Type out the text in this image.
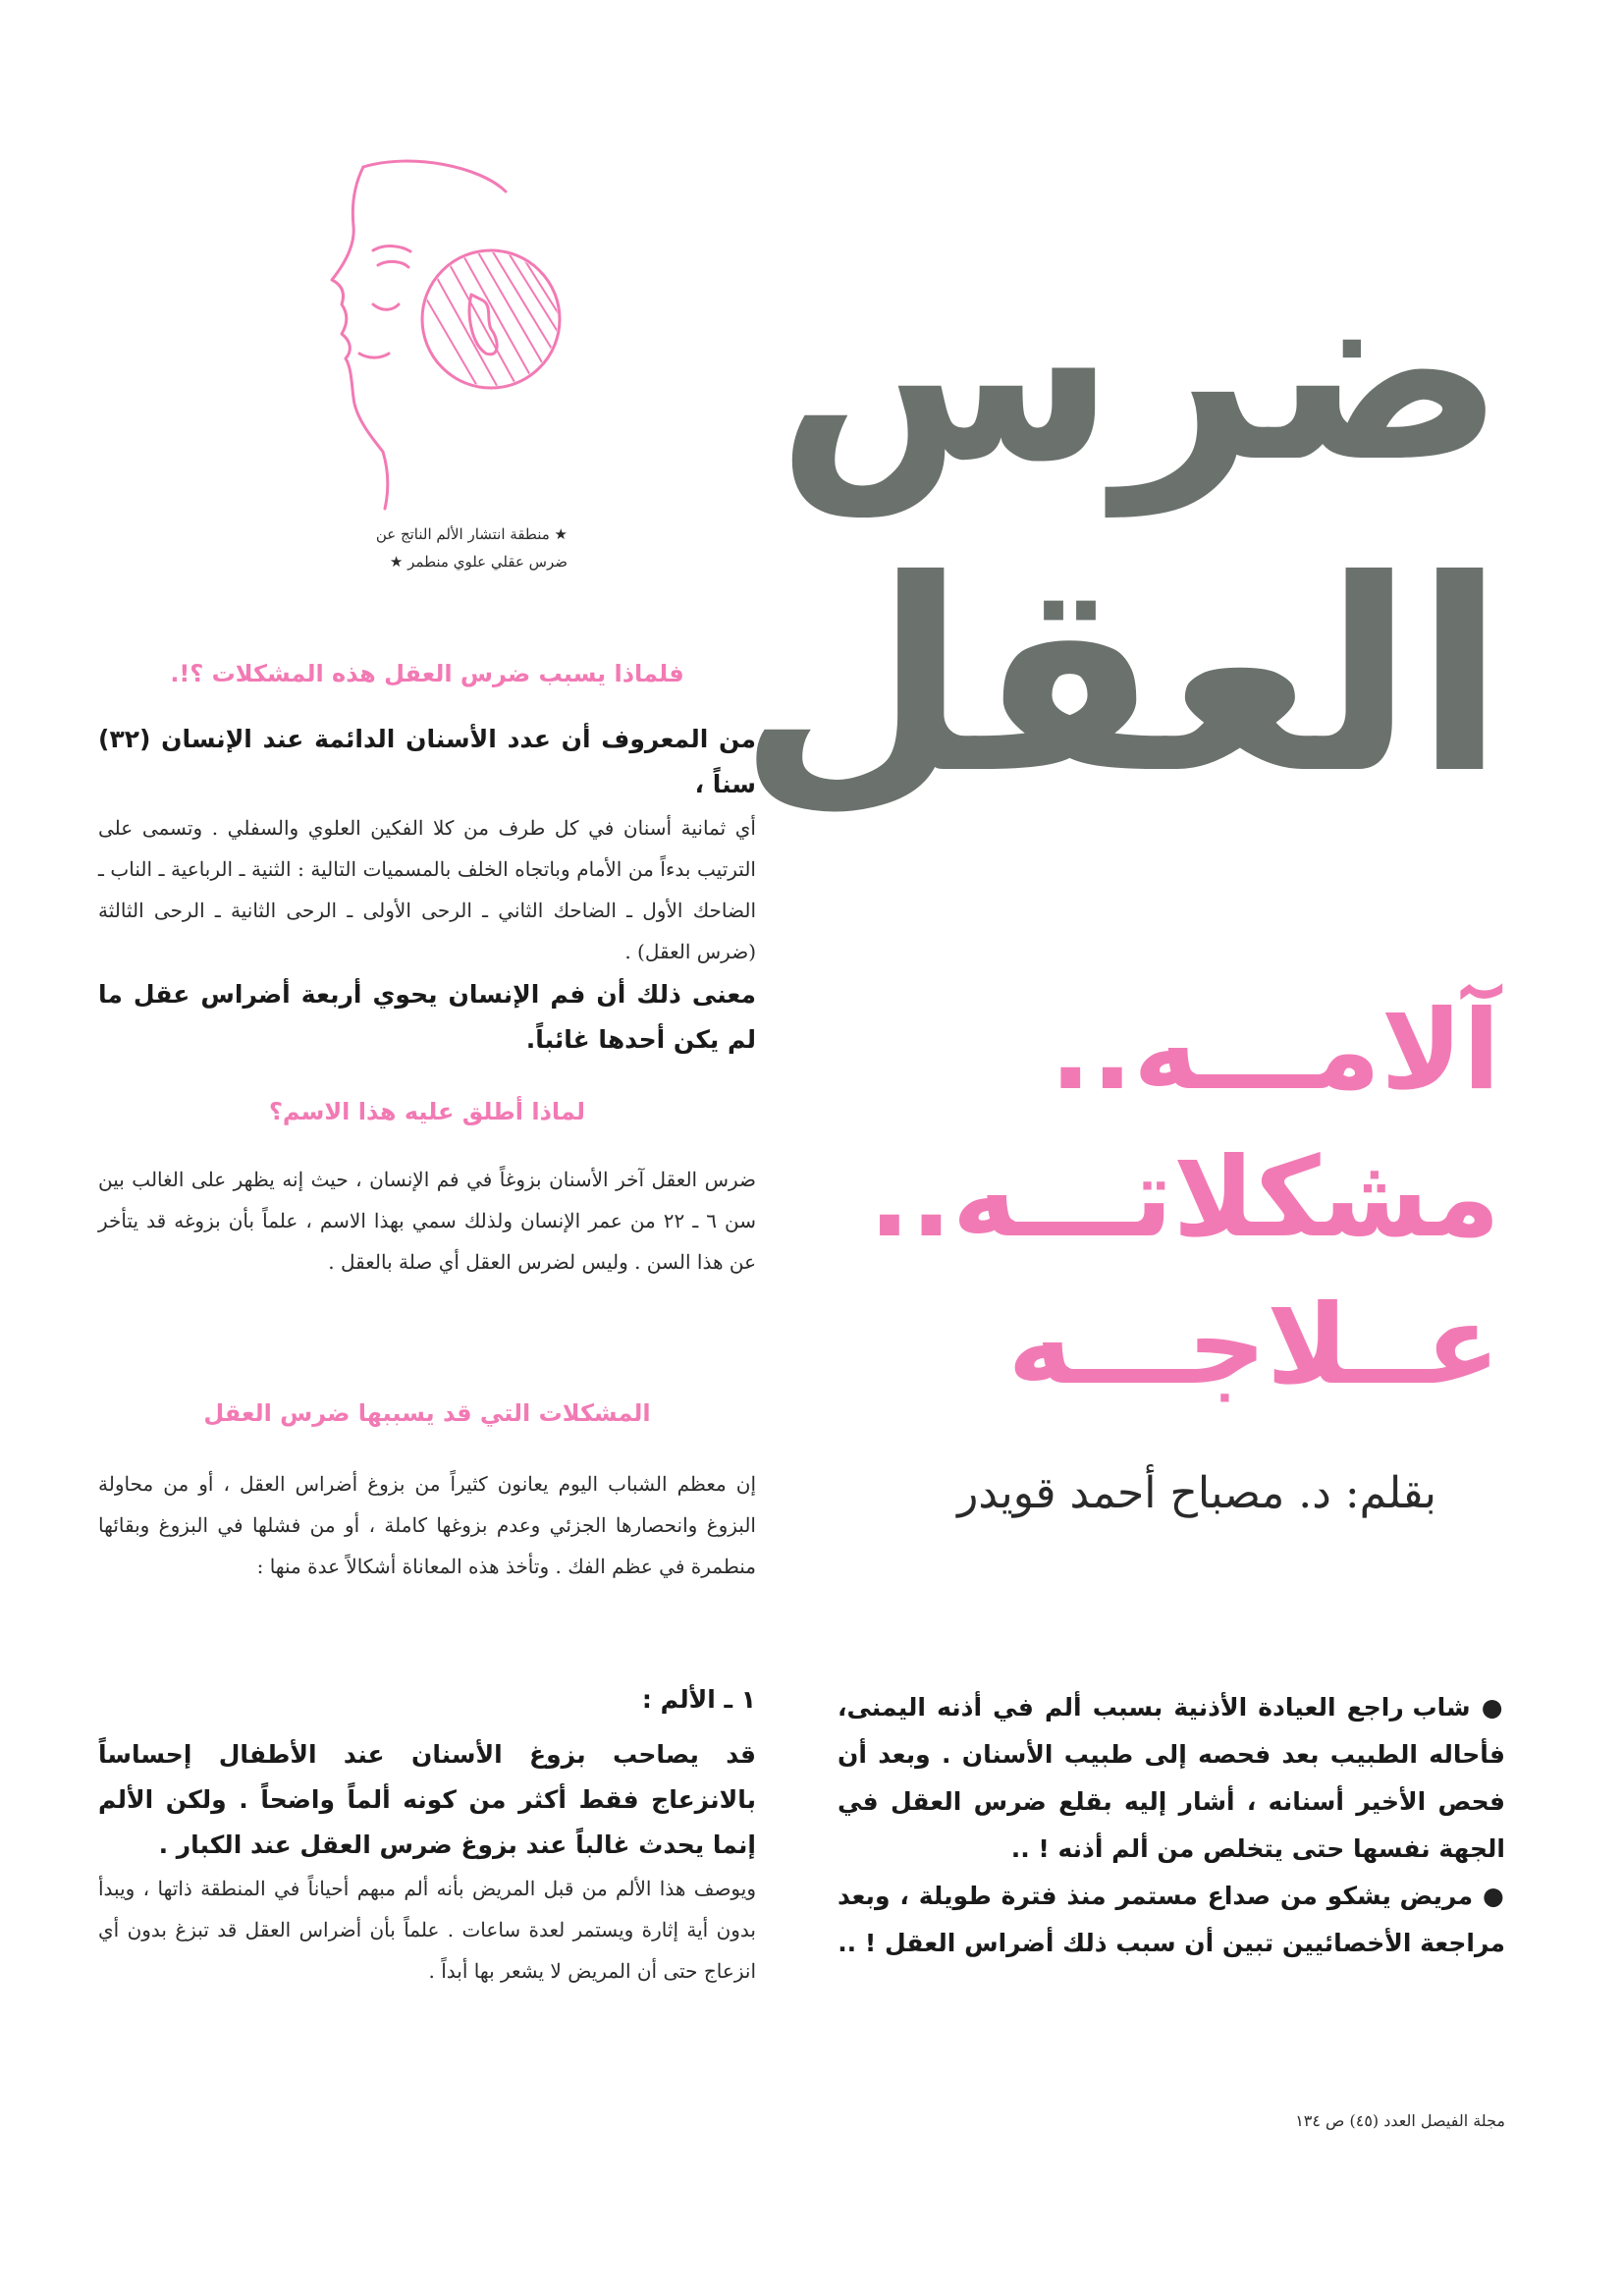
★ منطقة انتشار الألم الناتج عن
ضرس عقلي علوي منطمر ★
ضرس
العقل
آلامـــه..
مشكلاتـــه..
عــلاجـــه
بقلم: د. مصباح أحمد قويدر
فلماذا يسبب ضرس العقل هذه المشكلات ؟!.
من المعروف أن عدد الأسنان الدائمة عند الإنسان (٣٢) سناً ،
أي ثمانية أسنان في كل طرف من كلا الفكين العلوي والسفلي . وتسمى على الترتيب بدءاً من الأمام وباتجاه الخلف بالمسميات التالية : الثنية ـ الرباعية ـ الناب ـ الضاحك الأول ـ الضاحك الثاني ـ الرحى الأولى ـ الرحى الثانية ـ الرحى الثالثة (ضرس العقل) .
معنى ذلك أن فم الإنسان يحوي أربعة أضراس عقل ما لم يكن أحدها غائباً.
لماذا أطلق عليه هذا الاسم؟
ضرس العقل آخر الأسنان بزوغاً في فم الإنسان ، حيث إنه يظهر على الغالب بين سن ٦ ـ ٢٢ من عمر الإنسان ولذلك سمي بهذا الاسم ، علماً بأن بزوغه قد يتأخر عن هذا السن . وليس لضرس العقل أي صلة بالعقل .
المشكلات التي قد يسببها ضرس العقل
إن معظم الشباب اليوم يعانون كثيراً من بزوغ أضراس العقل ، أو من محاولة البزوغ وانحصارها الجزئي وعدم بزوغها كاملة ، أو من فشلها في البزوغ وبقائها منطمرة في عظم الفك . وتأخذ هذه المعاناة أشكالاً عدة منها :
١ ـ الألم :
قد يصاحب بزوغ الأسنان عند الأطفال إحساساً بالانزعاج فقط أكثر من كونه ألماً واضحاً . ولكن الألم إنما يحدث غالباً عند بزوغ ضرس العقل عند الكبار .
ويوصف هذا الألم من قبل المريض بأنه ألم مبهم أحياناً في المنطقة ذاتها ، ويبدأ بدون أية إثارة ويستمر لعدة ساعات . علماً بأن أضراس العقل قد تبزغ بدون أي انزعاج حتى أن المريض لا يشعر بها أبداً .
● شاب راجع العيادة الأذنية بسبب ألم في أذنه اليمنى، فأحاله الطبيب بعد فحصه إلى طبيب الأسنان . وبعد أن فحص الأخير أسنانه ، أشار إليه بقلع ضرس العقل في الجهة نفسها حتى يتخلص من ألم أذنه ! ..
● مريض يشكو من صداع مستمر منذ فترة طويلة ، وبعد مراجعة الأخصائيين تبين أن سبب ذلك أضراس العقل ! ..
مجلة الفيصل العدد (٤٥) ص ١٣٤
